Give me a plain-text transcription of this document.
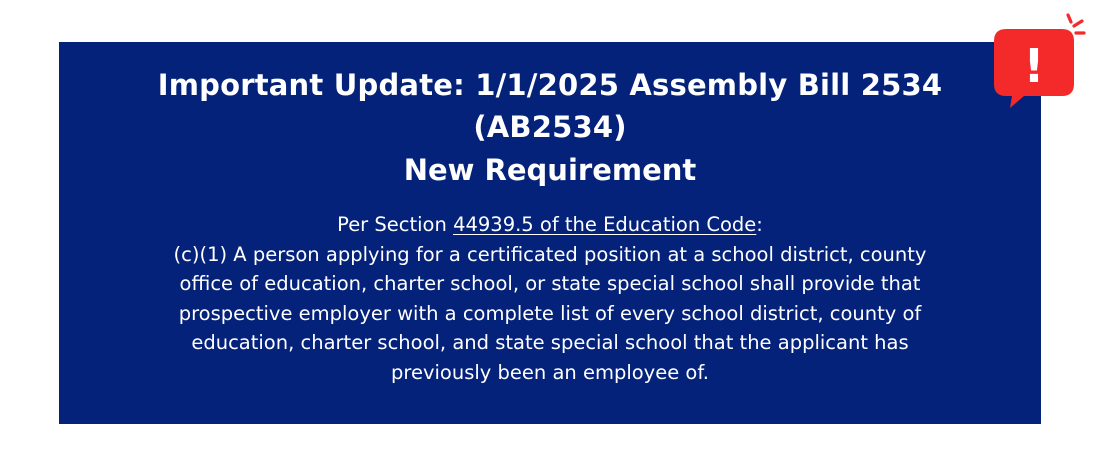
Important Update: 1/1/2025 Assembly Bill 2534 (AB2534)
New Requirement
Per Section 44939.5 of the Education Code:
(c)(1) A person applying for a certificated position at a school district, county
office of education, charter school, or state special school shall provide that
prospective employer with a complete list of every school district, county of
education, charter school, and state special school that the applicant has
previously been an employee of.
!
